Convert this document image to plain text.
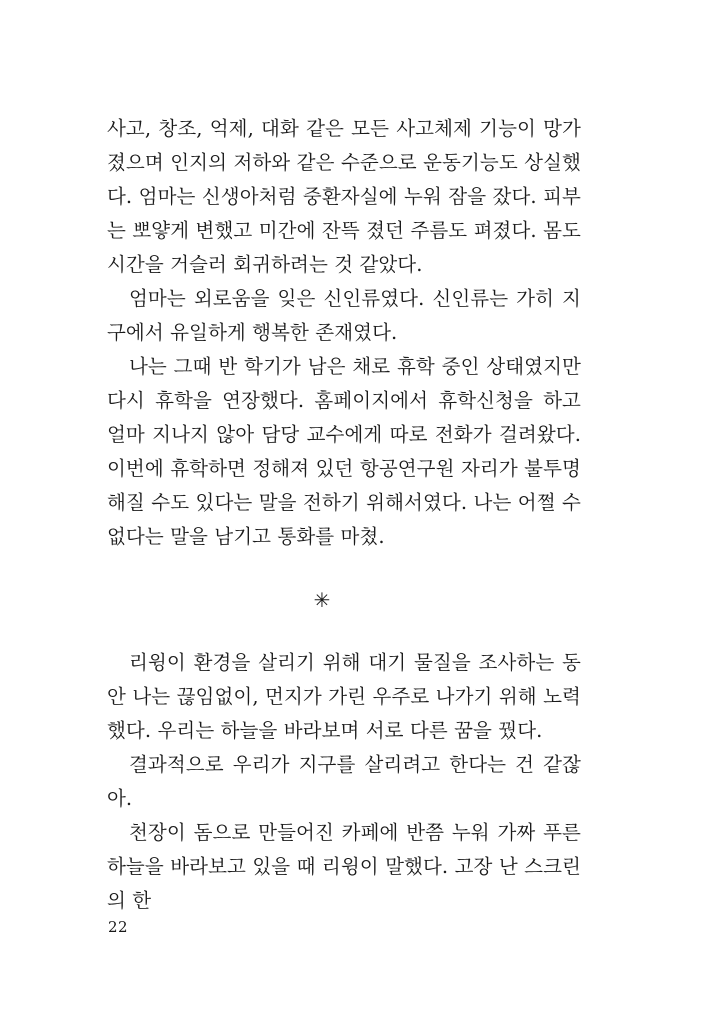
사고, 창조, 억제, 대화 같은 모든 사고체제 기능이 망가졌으며 인지의 저하와 같은 수준으로 운동기능도 상실했다. 엄마는 신생아처럼 중환자실에 누워 잠을 잤다. 피부는 뽀얗게 변했고 미간에 잔뜩 졌던 주름도 펴졌다. 몸도 시간을 거슬러 회귀하려는 것 같았다.

엄마는 외로움을 잊은 신인류였다. 신인류는 가히 지구에서 유일하게 행복한 존재였다.

나는 그때 반 학기가 남은 채로 휴학 중인 상태였지만 다시 휴학을 연장했다. 홈페이지에서 휴학신청을 하고 얼마 지나지 않아 담당 교수에게 따로 전화가 걸려왔다. 이번에 휴학하면 정해져 있던 항공연구원 자리가 불투명해질 수도 있다는 말을 전하기 위해서였다. 나는 어쩔 수 없다는 말을 남기고 통화를 마쳤.

✳

리윙이 환경을 살리기 위해 대기 물질을 조사하는 동안 나는 끊임없이, 먼지가 가린 우주로 나가기 위해 노력했다. 우리는 하늘을 바라보며 서로 다른 꿈을 꿨다.

결과적으로 우리가 지구를 살리려고 한다는 건 같잖아.

천장이 돔으로 만들어진 카페에 반쯤 누워 가짜 푸른 하늘을 바라보고 있을 때 리윙이 말했다. 고장 난 스크린의 한

22
